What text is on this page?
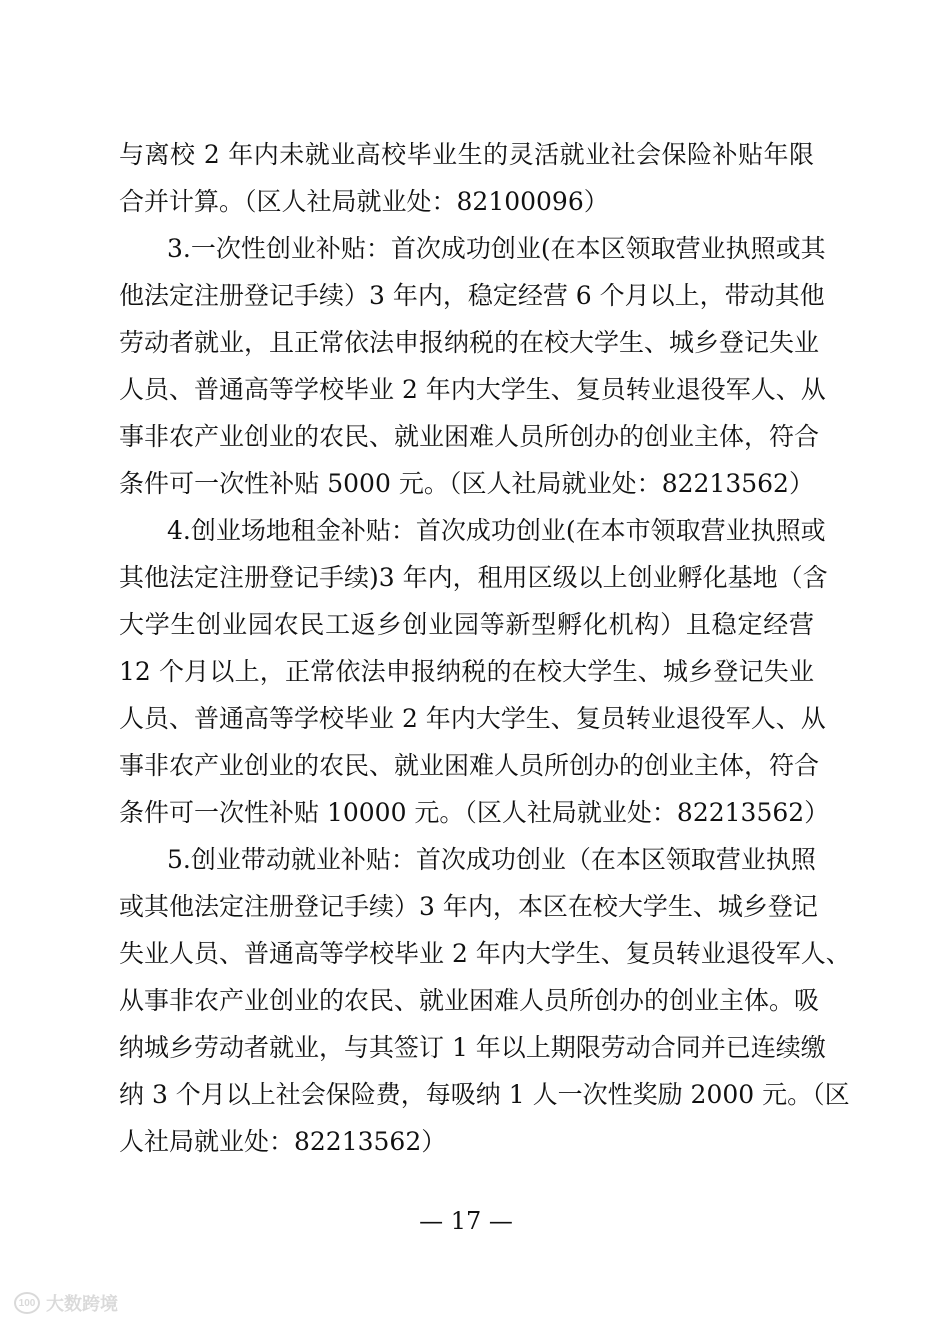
与离校 2 年内未就业高校毕业生的灵活就业社会保险补贴年限
合并计算。（区人社局就业处：82100096）
3.一次性创业补贴：首次成功创业(在本区领取营业执照或其
他法定注册登记手续）3 年内，稳定经营 6 个月以上，带动其他
劳动者就业，且正常依法申报纳税的在校大学生、城乡登记失业
人员、普通高等学校毕业 2 年内大学生、复员转业退役军人、从
事非农产业创业的农民、就业困难人员所创办的创业主体，符合
条件可一次性补贴 5000 元。（区人社局就业处：82213562）
4.创业场地租金补贴：首次成功创业(在本市领取营业执照或
其他法定注册登记手续)3 年内，租用区级以上创业孵化基地（含
大学生创业园农民工返乡创业园等新型孵化机构）且稳定经营
12 个月以上，正常依法申报纳税的在校大学生、城乡登记失业
人员、普通高等学校毕业 2 年内大学生、复员转业退役军人、从
事非农产业创业的农民、就业困难人员所创办的创业主体，符合
条件可一次性补贴 10000 元。（区人社局就业处：82213562）
5.创业带动就业补贴：首次成功创业（在本区领取营业执照
或其他法定注册登记手续）3 年内，本区在校大学生、城乡登记
失业人员、普通高等学校毕业 2 年内大学生、复员转业退役军人、
从事非农产业创业的农民、就业困难人员所创办的创业主体。吸
纳城乡劳动者就业，与其签订 1 年以上期限劳动合同并已连续缴
纳 3 个月以上社会保险费，每吸纳 1 人一次性奖励 2000 元。（区
人社局就业处：82213562）
— 17 —
100 大数跨境
